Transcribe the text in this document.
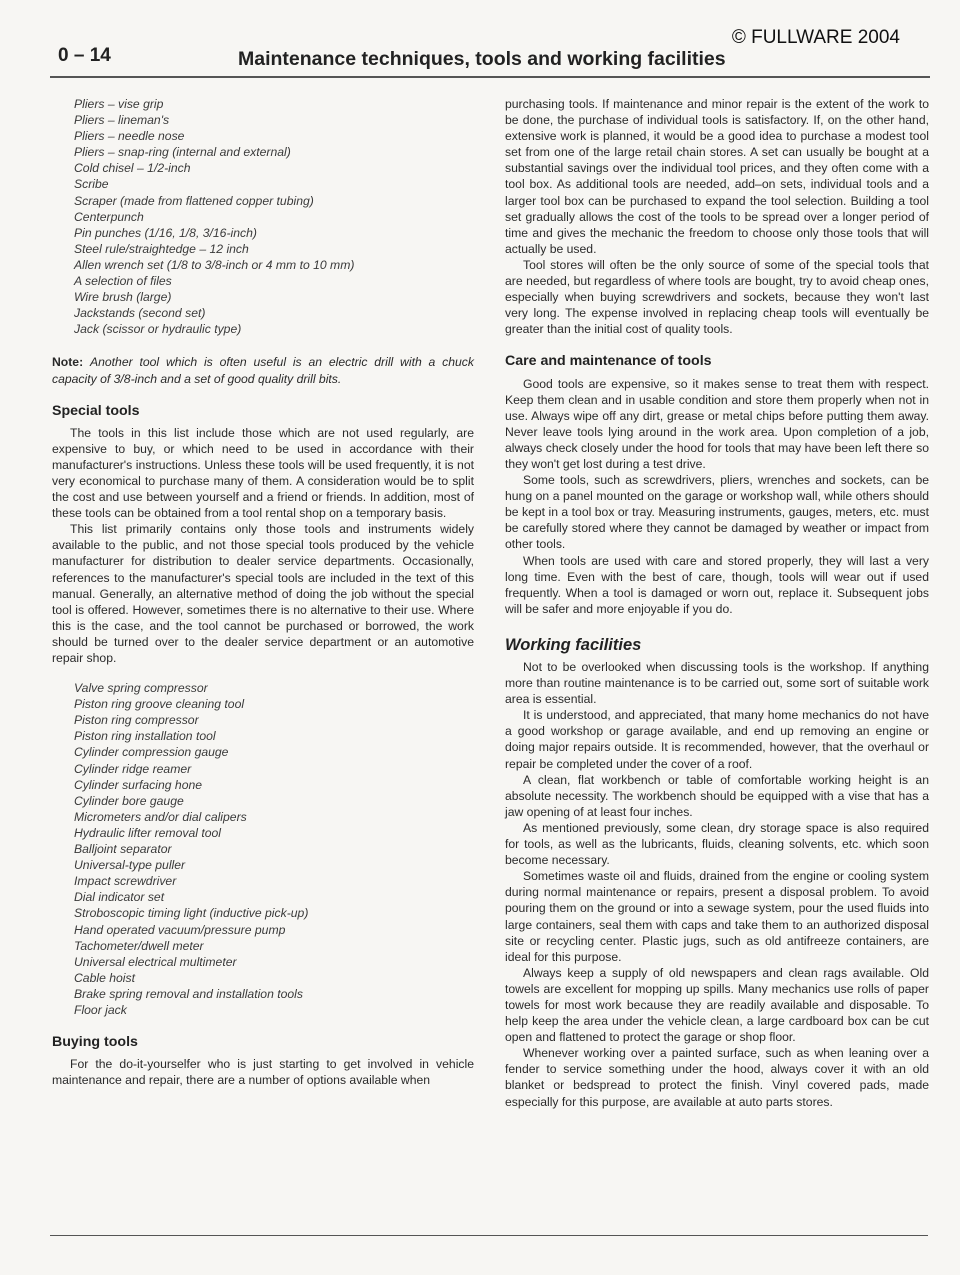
© FULLWARE 2004
0 – 14	Maintenance techniques, tools and working facilities
Pliers – vise grip
Pliers – lineman's
Pliers – needle nose
Pliers – snap-ring (internal and external)
Cold chisel – 1/2-inch
Scribe
Scraper (made from flattened copper tubing)
Centerpunch
Pin punches (1/16, 1/8, 3/16-inch)
Steel rule/straightedge – 12 inch
Allen wrench set (1/8 to 3/8-inch or 4 mm to 10 mm)
A selection of files
Wire brush (large)
Jackstands (second set)
Jack (scissor or hydraulic type)

Note: Another tool which is often useful is an electric drill with a chuck capacity of 3/8-inch and a set of good quality drill bits.

Special tools

The tools in this list include those which are not used regularly, are expensive to buy, or which need to be used in accordance with their manufacturer's instructions. Unless these tools will be used frequently, it is not very economical to purchase many of them. A consideration would be to split the cost and use between yourself and a friend or friends. In addition, most of these tools can be obtained from a tool rental shop on a temporary basis.

This list primarily contains only those tools and instruments widely available to the public, and not those special tools produced by the vehicle manufacturer for distribution to dealer service departments. Occasionally, references to the manufacturer's special tools are included in the text of this manual. Generally, an alternative method of doing the job without the special tool is offered. However, sometimes there is no alternative to their use. Where this is the case, and the tool cannot be purchased or borrowed, the work should be turned over to the dealer service department or an automotive repair shop.

Valve spring compressor
Piston ring groove cleaning tool
Piston ring compressor
Piston ring installation tool
Cylinder compression gauge
Cylinder ridge reamer
Cylinder surfacing hone
Cylinder bore gauge
Micrometers and/or dial calipers
Hydraulic lifter removal tool
Balljoint separator
Universal-type puller
Impact screwdriver
Dial indicator set
Stroboscopic timing light (inductive pick-up)
Hand operated vacuum/pressure pump
Tachometer/dwell meter
Universal electrical multimeter
Cable hoist
Brake spring removal and installation tools
Floor jack
Buying tools

For the do-it-yourselfer who is just starting to get involved in vehicle maintenance and repair, there are a number of options available when

purchasing tools. If maintenance and minor repair is the extent of the work to be done, the purchase of individual tools is satisfactory. If, on the other hand, extensive work is planned, it would be a good idea to purchase a modest tool set from one of the large retail chain stores. A set can usually be bought at a substantial savings over the individual tool prices, and they often come with a tool box. As additional tools are needed, add–on sets, individual tools and a larger tool box can be purchased to expand the tool selection. Building a tool set gradually allows the cost of the tools to be spread over a longer period of time and gives the mechanic the freedom to choose only those tools that will actually be used.

Tool stores will often be the only source of some of the special tools that are needed, but regardless of where tools are bought, try to avoid cheap ones, especially when buying screwdrivers and sockets, because they won't last very long. The expense involved in replacing cheap tools will eventually be greater than the initial cost of quality tools.

Care and maintenance of tools

Good tools are expensive, so it makes sense to treat them with respect. Keep them clean and in usable condition and store them properly when not in use. Always wipe off any dirt, grease or metal chips before putting them away. Never leave tools lying around in the work area. Upon completion of a job, always check closely under the hood for tools that may have been left there so they won't get lost during a test drive.

Some tools, such as screwdrivers, pliers, wrenches and sockets, can be hung on a panel mounted on the garage or workshop wall, while others should be kept in a tool box or tray. Measuring instruments, gauges, meters, etc. must be carefully stored where they cannot be damaged by weather or impact from other tools.

When tools are used with care and stored properly, they will last a very long time. Even with the best of care, though, tools will wear out if used frequently. When a tool is damaged or worn out, replace it. Subsequent jobs will be safer and more enjoyable if you do.

Working facilities

Not to be overlooked when discussing tools is the workshop. If anything more than routine maintenance is to be carried out, some sort of suitable work area is essential.

It is understood, and appreciated, that many home mechanics do not have a good workshop or garage available, and end up removing an engine or doing major repairs outside. It is recommended, however, that the overhaul or repair be completed under the cover of a roof.

A clean, flat workbench or table of comfortable working height is an absolute necessity. The workbench should be equipped with a vise that has a jaw opening of at least four inches.

As mentioned previously, some clean, dry storage space is also required for tools, as well as the lubricants, fluids, cleaning solvents, etc. which soon become necessary.

Sometimes waste oil and fluids, drained from the engine or cooling system during normal maintenance or repairs, present a disposal problem. To avoid pouring them on the ground or into a sewage system, pour the used fluids into large containers, seal them with caps and take them to an authorized disposal site or recycling center. Plastic jugs, such as old antifreeze containers, are ideal for this purpose.

Always keep a supply of old newspapers and clean rags available. Old towels are excellent for mopping up spills. Many mechanics use rolls of paper towels for most work because they are readily available and disposable. To help keep the area under the vehicle clean, a large cardboard box can be cut open and flattened to protect the garage or shop floor.

Whenever working over a painted surface, such as when leaning over a fender to service something under the hood, always cover it with an old blanket or bedspread to protect the finish. Vinyl covered pads, made especially for this purpose, are available at auto parts stores.
